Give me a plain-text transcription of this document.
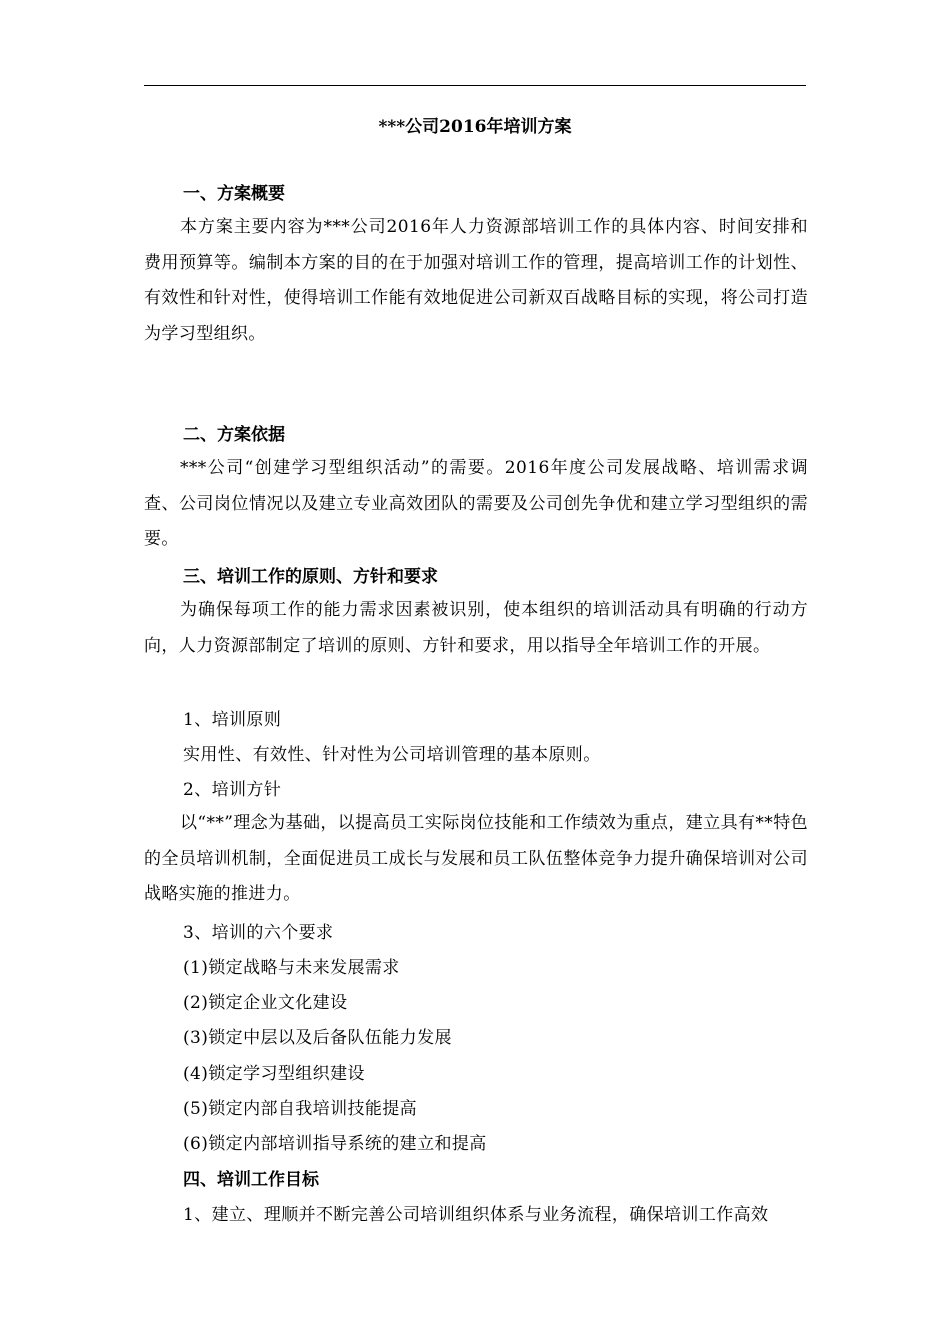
***公司2016年培训方案
一、方案概要
本方案主要内容为***公司2016年人力资源部培训工作的具体内容、时间安排和费用预算等。编制本方案的目的在于加强对培训工作的管理，提高培训工作的计划性、有效性和针对性，使得培训工作能有效地促进公司新双百战略目标的实现，将公司打造为学习型组织。
二、方案依据
***公司“创建学习型组织活动”的需要。2016年度公司发展战略、培训需求调查、公司岗位情况以及建立专业高效团队的需要及公司创先争优和建立学习型组织的需要。
三、培训工作的原则、方针和要求
为确保每项工作的能力需求因素被识别，使本组织的培训活动具有明确的行动方向，人力资源部制定了培训的原则、方针和要求，用以指导全年培训工作的开展。
1、培训原则
实用性、有效性、针对性为公司培训管理的基本原则。
2、培训方针
以“**”理念为基础，以提高员工实际岗位技能和工作绩效为重点，建立具有**特色的全员培训机制，全面促进员工成长与发展和员工队伍整体竞争力提升确保培训对公司战略实施的推进力。
3、培训的六个要求
(1)锁定战略与未来发展需求
(2)锁定企业文化建设
(3)锁定中层以及后备队伍能力发展
(4)锁定学习型组织建设
(5)锁定内部自我培训技能提高
(6)锁定内部培训指导系统的建立和提高
四、培训工作目标
1、建立、理顺并不断完善公司培训组织体系与业务流程，确保培训工作高效
